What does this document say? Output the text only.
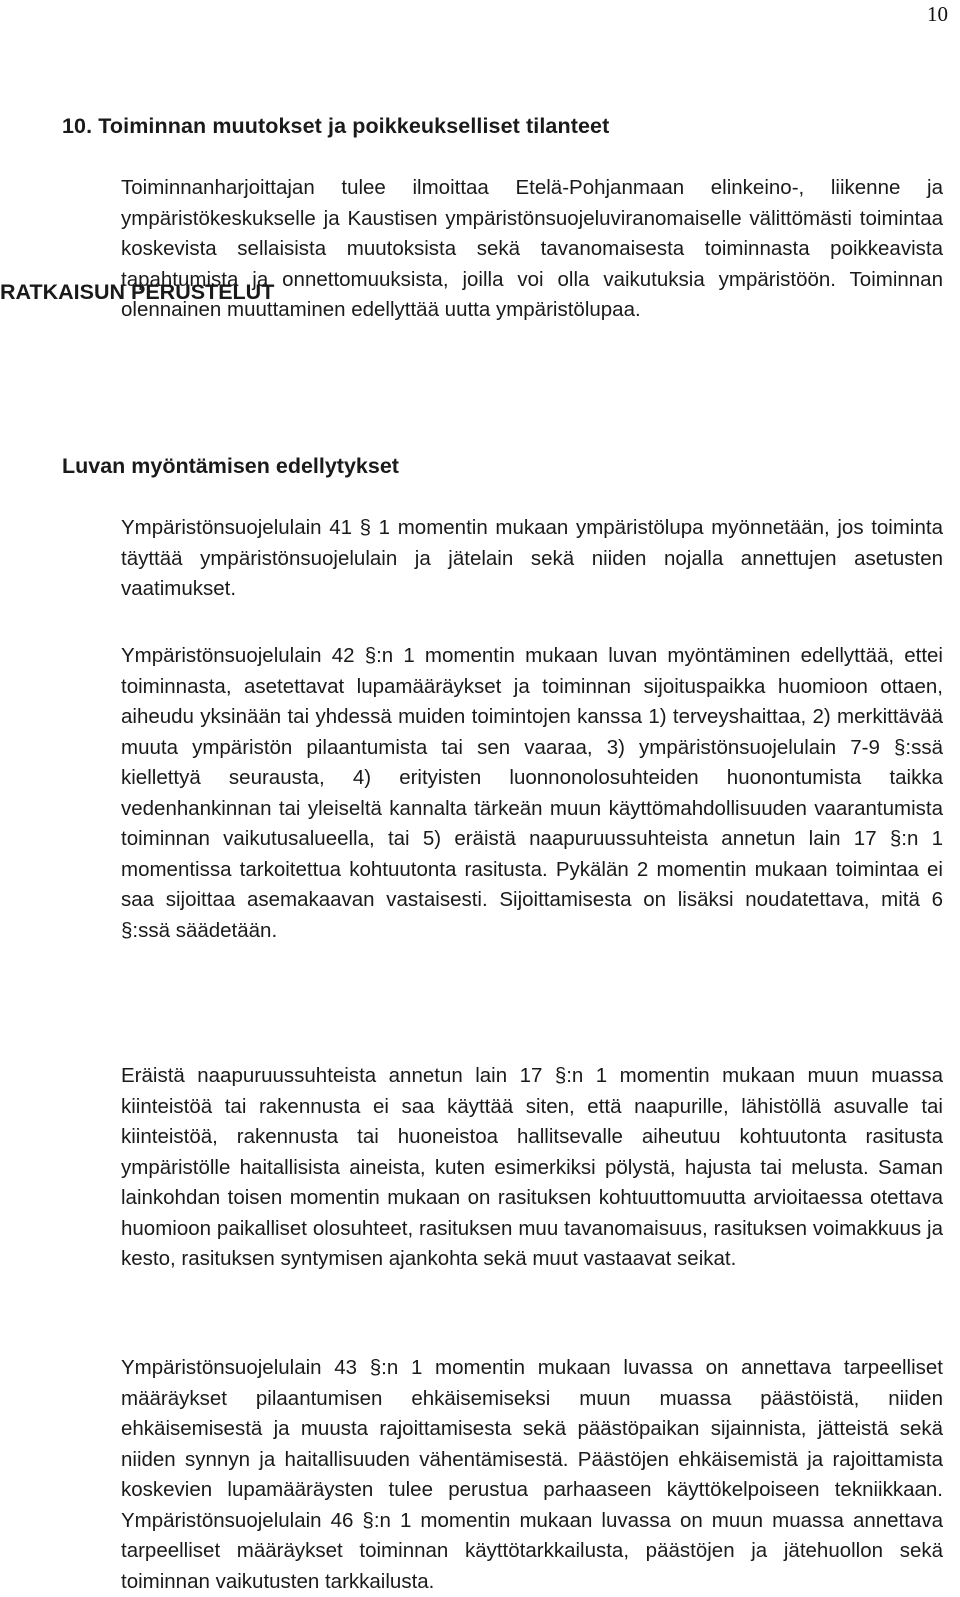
10
10. Toiminnan muutokset ja poikkeukselliset tilanteet

Toiminnanharjoittajan tulee ilmoittaa Etelä-Pohjanmaan elinkeino-, liikenne ja ympäristökeskukselle ja Kaustisen ympäristönsuojeluviranomaiselle välittömästi toimintaa koskevista sellaisista muutoksista sekä tavanomaisesta toiminnasta poikkeavista tapahtumista ja onnettomuuksista, joilla voi olla vaikutuksia ympäristöön. Toiminnan olennainen muuttaminen edellyttää uutta ympäristölupaa.

RATKAISUN PERUSTELUT
Luvan myöntämisen edellytykset

Ympäristönsuojelulain 41 § 1 momentin mukaan ympäristölupa myönnetään, jos toiminta täyttää ympäristönsuojelulain ja jätelain sekä niiden nojalla annettujen asetusten vaatimukset.

Ympäristönsuojelulain 42 §:n 1 momentin mukaan luvan myöntäminen edellyttää, ettei toiminnasta, asetettavat lupamääräykset ja toiminnan sijoituspaikka huomioon ottaen, aiheudu yksinään tai yhdessä muiden toimintojen kanssa 1) terveyshaittaa, 2) merkittävää muuta ympäristön pilaantumista tai sen vaaraa, 3) ympäristönsuojelulain 7-9 §:ssä kiellettyä seurausta, 4) erityisten luonnonolosuhteiden huonontumista taikka vedenhankinnan tai yleiseltä kannalta tärkeän muun käyttömahdollisuuden vaarantumista toiminnan vaikutusalueella, tai 5) eräistä naapuruussuhteista annetun lain 17 §:n 1 momentissa tarkoitettua kohtuutonta rasitusta. Pykälän 2 momentin mukaan toimintaa ei saa sijoittaa asemakaavan vastaisesti. Sijoittamisesta on lisäksi noudatettava, mitä 6 §:ssä säädetään.

Eräistä naapuruussuhteista annetun lain 17 §:n 1 momentin mukaan muun muassa kiinteistöä tai rakennusta ei saa käyttää siten, että naapurille, lähistöllä asuvalle tai kiinteistöä, rakennusta tai huoneistoa hallitsevalle aiheutuu kohtuutonta rasitusta ympäristölle haitallisista aineista, kuten esimerkiksi pölystä, hajusta tai melusta. Saman lainkohdan toisen momentin mukaan on rasituksen kohtuuttomuutta arvioitaessa otettava huomioon paikalliset olosuhteet, rasituksen muu tavanomaisuus, rasituksen voimakkuus ja kesto, rasituksen syntymisen ajankohta sekä muut vastaavat seikat.

Ympäristönsuojelulain 43 §:n 1 momentin mukaan luvassa on annettava tarpeelliset määräykset pilaantumisen ehkäisemiseksi muun muassa päästöistä, niiden ehkäisemisestä ja muusta rajoittamisesta sekä päästöpaikan sijainnista, jätteistä sekä niiden synnyn ja haitallisuuden vähentämisestä. Päästöjen ehkäisemistä ja rajoittamista koskevien lupamääräysten tulee perustua parhaaseen käyttökelpoiseen tekniikkaan. Ympäristönsuojelulain 46 §:n 1 momentin mukaan luvassa on muun muassa annettava tarpeelliset määräykset toiminnan käyttötarkkailusta, päästöjen ja jätehuollon sekä toiminnan vaikutusten tarkkailusta.
